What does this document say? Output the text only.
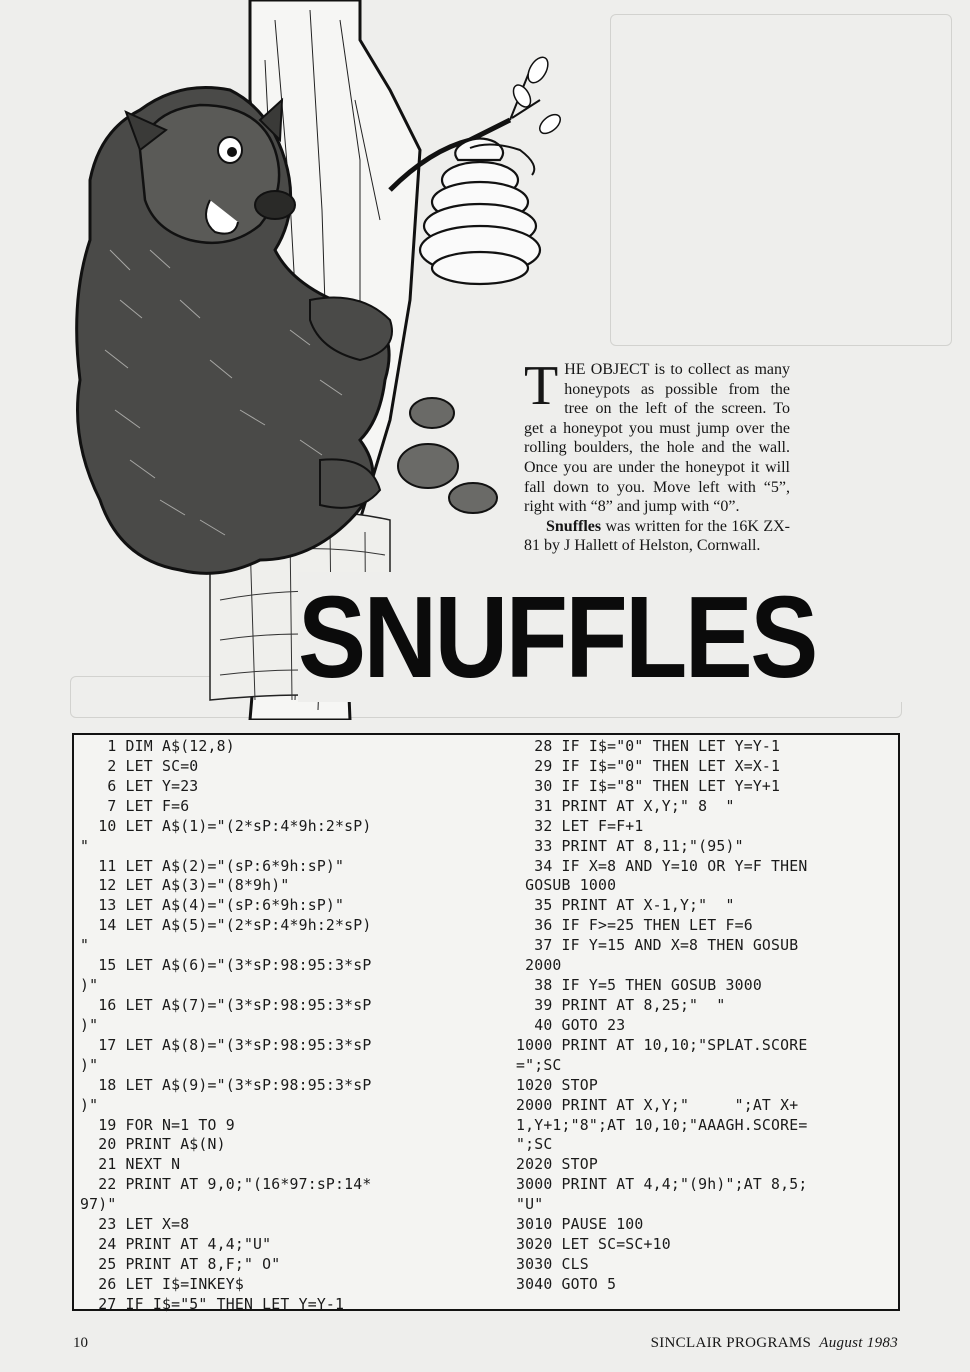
THE OBJECT is to collect as many honeypots as possible from the tree on the left of the screen. To get a honeypot you must jump over the rolling boulders, the hole and the wall. Once you are under the honeypot it will fall down to you. Move left with “5”, right with “8” and jump with “0”.

Snuffles was written for the 16K ZX-81 by J Hallett of Helston, Cornwall.

SNUFFLES
1 DIM A$(12,8)
2 LET SC=0
6 LET Y=23
7 LET F=6
10 LET A$(1)="(2*sP:4*9h:2*sP)
"
11 LET A$(2)="(sP:6*9h:sP)"
12 LET A$(3)="(8*9h)"
13 LET A$(4)="(sP:6*9h:sP)"
14 LET A$(5)="(2*sP:4*9h:2*sP)
"
15 LET A$(6)="(3*sP:98:95:3*sP
)"
16 LET A$(7)="(3*sP:98:95:3*sP
)"
17 LET A$(8)="(3*sP:98:95:3*sP
)"
18 LET A$(9)="(3*sP:98:95:3*sP
)"
19 FOR N=1 TO 9
20 PRINT A$(N)
21 NEXT N
22 PRINT AT 9,0;"(16*97:sP:14*
97)"
23 LET X=8
24 PRINT AT 4,4;"U"
25 PRINT AT 8,F;" O"
26 LET I$=INKEY$
27 IF I$="5" THEN LET Y=Y-1
28 IF I$="0" THEN LET Y=Y-1
29 IF I$="0" THEN LET X=X-1
30 IF I$="8" THEN LET Y=Y+1
31 PRINT AT X,Y;" 8  "
32 LET F=F+1
33 PRINT AT 8,11;"(95)"
34 IF X=8 AND Y=10 OR Y=F THEN
GOSUB 1000
35 PRINT AT X-1,Y;"  "
36 IF F>=25 THEN LET F=6
37 IF Y=15 AND X=8 THEN GOSUB
2000
38 IF Y=5 THEN GOSUB 3000
39 PRINT AT 8,25;"  "
40 GOTO 23
1000 PRINT AT 10,10;"SPLAT.SCORE
=";SC
1020 STOP
2000 PRINT AT X,Y;"     ";AT X+
1,Y+1;"8";AT 10,10;"AAAGH.SCORE=
";SC
2020 STOP
3000 PRINT AT 4,4;"(9h)";AT 8,5;
"U"
3010 PAUSE 100
3020 LET SC=SC+10
3030 CLS
3040 GOTO 5

10	SINCLAIR PROGRAMS August 1983
